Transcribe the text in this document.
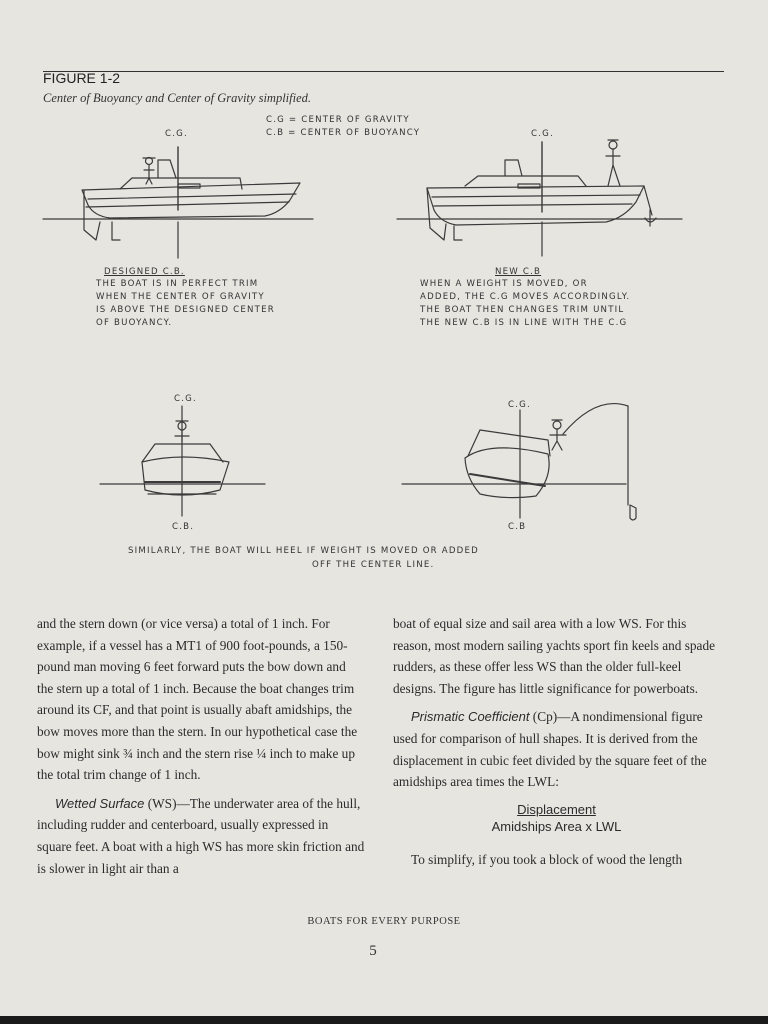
FIGURE 1-2
Center of Buoyancy and Center of Gravity simplified.
C.G = CENTER OF GRAVITY
C.B = CENTER OF BUOYANCY
C.G.	C.G.
C.G.
C.G.
C.B.	C.B
DESIGNED C.B.
THE BOAT IS IN PERFECT TRIM
WHEN THE CENTER OF GRAVITY
IS ABOVE THE DESIGNED CENTER
OF BUOYANCY.
NEW C.B
WHEN A WEIGHT IS MOVED, OR
ADDED, THE C.G MOVES ACCORDINGLY.
THE BOAT THEN CHANGES TRIM UNTIL
THE NEW C.B IS IN LINE WITH THE C.G
SIMILARLY, THE BOAT WILL HEEL IF WEIGHT IS MOVED OR ADDED
OFF THE CENTER LINE.

and the stern down (or vice versa) a total of 1 inch. For example, if a vessel has a MT1 of 900 foot-pounds, a 150-pound man moving 6 feet forward puts the bow down and the stern up a total of 1 inch. Because the boat changes trim around its CF, and that point is usually abaft amidships, the bow moves more than the stern. In our hypothetical case the bow might sink ¾ inch and the stern rise ¼ inch to make up the total trim change of 1 inch.

Wetted Surface (WS)—The underwater area of the hull, including rudder and centerboard, usually expressed in square feet. A boat with a high WS has more skin friction and is slower in light air than a

boat of equal size and sail area with a low WS. For this reason, most modern sailing yachts sport fin keels and spade rudders, as these offer less WS than the older full-keel designs. The figure has little significance for powerboats.

Prismatic Coefficient (Cp)—A nondimensional figure used for comparison of hull shapes. It is derived from the displacement in cubic feet divided by the square feet of the amidships area times the LWL:

Displacement
Amidships Area x LWL

To simplify, if you took a block of wood the length

BOATS FOR EVERY PURPOSE
5
